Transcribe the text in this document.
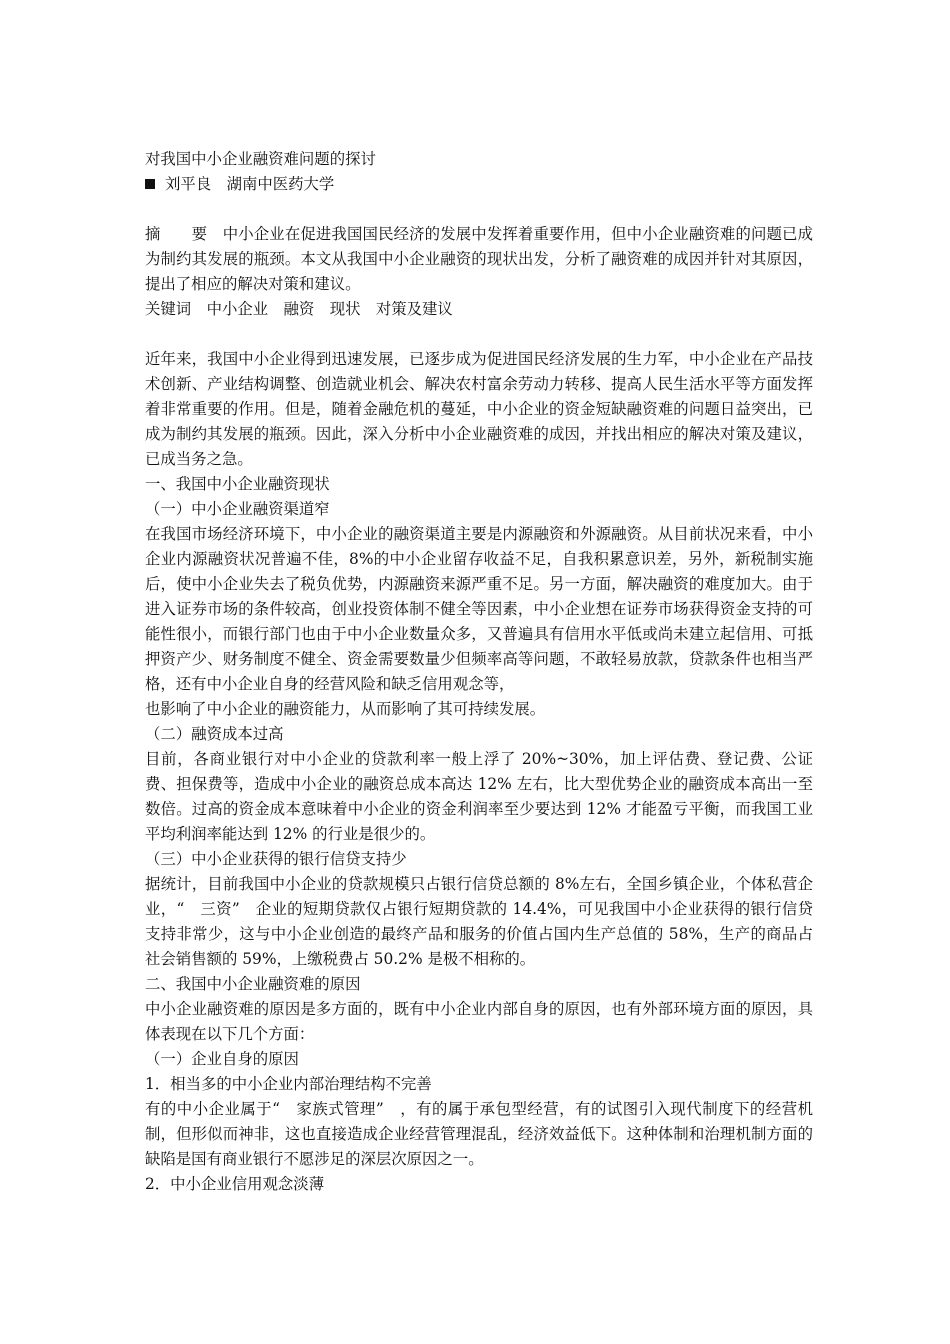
对我国中小企业融资难问题的探讨
刘平良　湖南中医药大学
摘　　要　中小企业在促进我国国民经济的发展中发挥着重要作用，但中小企业融资难的问题已成为制约其发展的瓶颈。本文从我国中小企业融资的现状出发，分析了融资难的成因并针对其原因，提出了相应的解决对策和建议。
关键词　中小企业　融资　现状　对策及建议
近年来，我国中小企业得到迅速发展，已逐步成为促进国民经济发展的生力军，中小企业在产品技术创新、产业结构调整、创造就业机会、解决农村富余劳动力转移、提高人民生活水平等方面发挥着非常重要的作用。但是，随着金融危机的蔓延，中小企业的资金短缺融资难的问题日益突出，已成为制约其发展的瓶颈。因此，深入分析中小企业融资难的成因，并找出相应的解决对策及建议，已成当务之急。
一、我国中小企业融资现状
（一）中小企业融资渠道窄
在我国市场经济环境下，中小企业的融资渠道主要是内源融资和外源融资。从目前状况来看，中小企业内源融资状况普遍不佳，8%的中小企业留存收益不足，自我积累意识差，另外，新税制实施后，使中小企业失去了税负优势，内源融资来源严重不足。另一方面，解决融资的难度加大。由于进入证券市场的条件较高，创业投资体制不健全等因素，中小企业想在证券市场获得资金支持的可能性很小，而银行部门也由于中小企业数量众多，又普遍具有信用水平低或尚未建立起信用、可抵押资产少、财务制度不健全、资金需要数量少但频率高等问题，不敢轻易放款，贷款条件也相当严格，还有中小企业自身的经营风险和缺乏信用观念等，
也影响了中小企业的融资能力，从而影响了其可持续发展。
（二）融资成本过高
目前，各商业银行对中小企业的贷款利率一般上浮了 20%~30%，加上评估费、登记费、公证费、担保费等，造成中小企业的融资总成本高达 12% 左右，比大型优势企业的融资成本高出一至数倍。过高的资金成本意味着中小企业的资金利润率至少要达到 12% 才能盈亏平衡，而我国工业平均利润率能达到 12% 的行业是很少的。
（三）中小企业获得的银行信贷支持少
据统计，目前我国中小企业的贷款规模只占银行信贷总额的 8%左右，全国乡镇企业，个体私营企业，“　三资”　企业的短期贷款仅占银行短期贷款的 14.4%，可见我国中小企业获得的银行信贷支持非常少，这与中小企业创造的最终产品和服务的价值占国内生产总值的 58%，生产的商品占社会销售额的 59%，上缴税费占 50.2% 是极不相称的。
二、我国中小企业融资难的原因
中小企业融资难的原因是多方面的，既有中小企业内部自身的原因，也有外部环境方面的原因，具体表现在以下几个方面：
（一）企业自身的原因
1．相当多的中小企业内部治理结构不完善
有的中小企业属于“　家族式管理”　，有的属于承包型经营，有的试图引入现代制度下的经营机制，但形似而神非，这也直接造成企业经营管理混乱，经济效益低下。这种体制和治理机制方面的缺陷是国有商业银行不愿涉足的深层次原因之一。
2．中小企业信用观念淡薄
